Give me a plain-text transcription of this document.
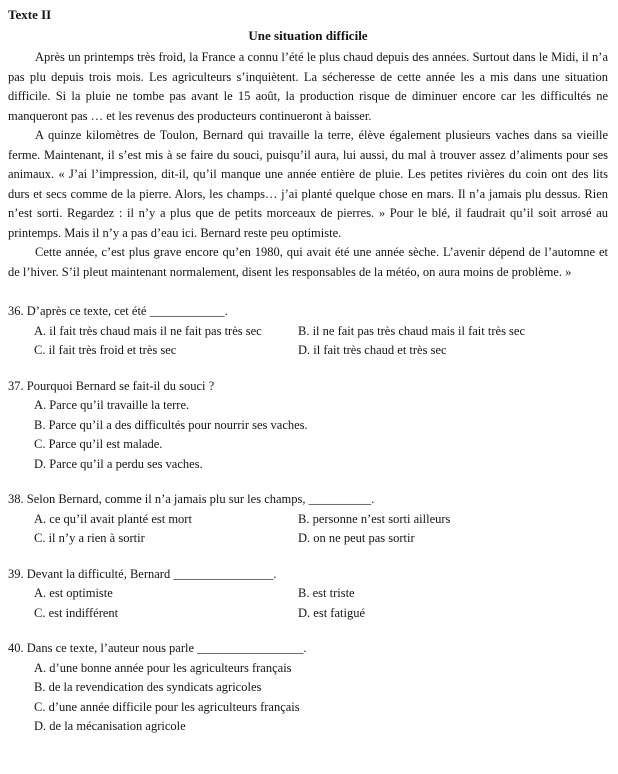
Texte II
Une situation difficile

Après un printemps très froid, la France a connu l’été le plus chaud depuis des années. Surtout dans le Midi, il n’a pas plu depuis trois mois. Les agriculteurs s’inquiètent. La sécheresse de cette année les a mis dans une situation difficile. Si la pluie ne tombe pas avant le 15 août, la production risque de diminuer encore car les difficultés ne manqueront pas … et les revenus des producteurs continueront à baisser.

A quinze kilomètres de Toulon, Bernard qui travaille la terre, élève également plusieurs vaches dans sa vieille ferme. Maintenant, il s’est mis à se faire du souci, puisqu’il aura, lui aussi, du mal à trouver assez d’aliments pour ses animaux. « J’ai l’impression, dit-il, qu’il manque une année entière de pluie. Les petites rivières du coin ont des lits durs et secs comme de la pierre. Alors, les champs… j’ai planté quelque chose en mars. Il n’a jamais plu dessus. Rien n’est sorti. Regardez : il n’y a plus que de petits morceaux de pierres. » Pour le blé, il faudrait qu’il soit arrosé au printemps. Mais il n’y a pas d’eau ici. Bernard reste peu optimiste.

Cette année, c’est plus grave encore qu’en 1980, qui avait été une année sèche. L’avenir dépend de l’automne et de l’hiver. S’il pleut maintenant normalement, disent les responsables de la météo, on aura moins de problème. »

36. D’après ce texte, cet été ____________.
A. il fait très chaud mais il ne fait pas très sec	B. il ne fait pas très chaud mais il fait très sec
C. il fait très froid et très sec	D. il fait très chaud et très sec
37. Pourquoi Bernard se fait-il du souci ?
A. Parce qu’il travaille la terre.
B. Parce qu’il a des difficultés pour nourrir ses vaches.
C. Parce qu’il est malade.
D. Parce qu’il a perdu ses vaches.
38. Selon Bernard, comme il n’a jamais plu sur les champs, __________.
A. ce qu’il avait planté est mort	B. personne n’est sorti ailleurs
C. il n’y a rien à sortir	D. on ne peut pas sortir
39. Devant la difficulté, Bernard ________________.
A. est optimiste	B. est triste
C. est indifférent	D. est fatigué
40. Dans ce texte, l’auteur nous parle _________________.
A. d’une bonne année pour les agriculteurs français
B. de la revendication des syndicats agricoles
C. d’une année difficile pour les agriculteurs français
D. de la mécanisation agricole
